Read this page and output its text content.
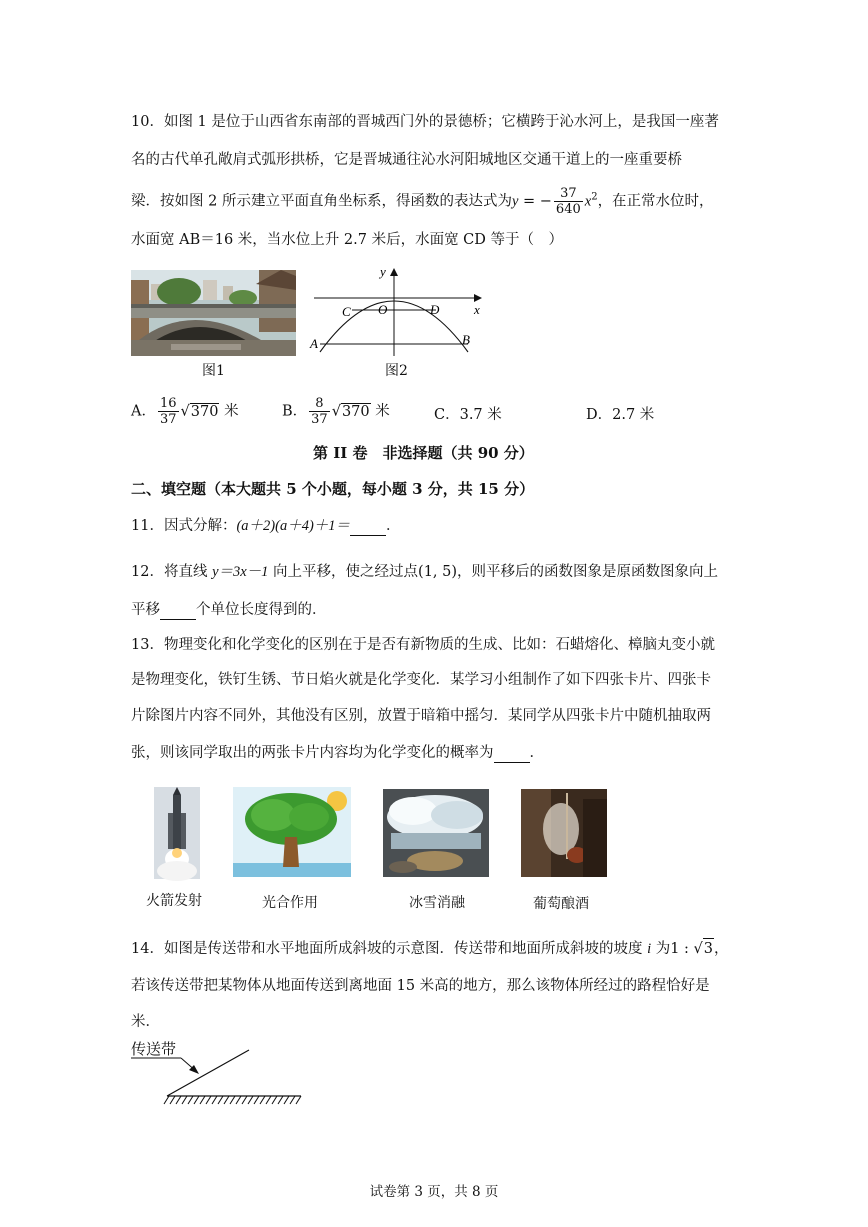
10．如图 1 是位于山西省东南部的晋城西门外的景德桥；它横跨于沁水河上，是我国一座著
名的古代单孔敞肩式弧形拱桥，它是晋城通往沁水河阳城地区交通干道上的一座重要桥
梁．按如图 2 所示建立平面直角坐标系，得函数的表达式为y = − $\frac{37}{640} x^2$，在正常水位时，
水面宽 AB＝16 米，当水位上升 2.7 米后，水面宽 CD 等于（　）
图1
y
x
C O	D
A	B
图2
A． $\frac{16}{37} √370$ 米	B． $\frac{8}{37} √370$ 米	C．3.7 米	D．2.7 米
第 II 卷　非选择题（共 90 分）
二、填空题（本大题共 5 个小题，每小题 3 分，共 15 分）
11．因式分解：(a＋2)(a＋4)＋1＝ ．
12．将直线 y＝3x－1 向上平移，使之经过点(1, 5)，则平移后的函数图象是原函数图象向上
平移 个单位长度得到的．
13．物理变化和化学变化的区别在于是否有新物质的生成、比如：石蜡熔化、樟脑丸变小就
是物理变化，铁钉生锈、节日焰火就是化学变化．某学习小组制作了如下四张卡片、四张卡
片除图片内容不同外，其他没有区别，放置于暗箱中摇匀．某同学从四张卡片中随机抽取两
张，则该同学取出的两张卡片内容均为化学变化的概率为 ．
火箭发射	光合作用	冰雪消融	葡萄酿酒
14．如图是传送带和水平地面所成斜坡的示意图．传送带和地面所成斜坡的坡度 i 为1 : √3，
若该传送带把某物体从地面传送到离地面 15 米高的地方，那么该物体所经过的路程恰好是
米．
传送带
试卷第 3 页，共 8 页
